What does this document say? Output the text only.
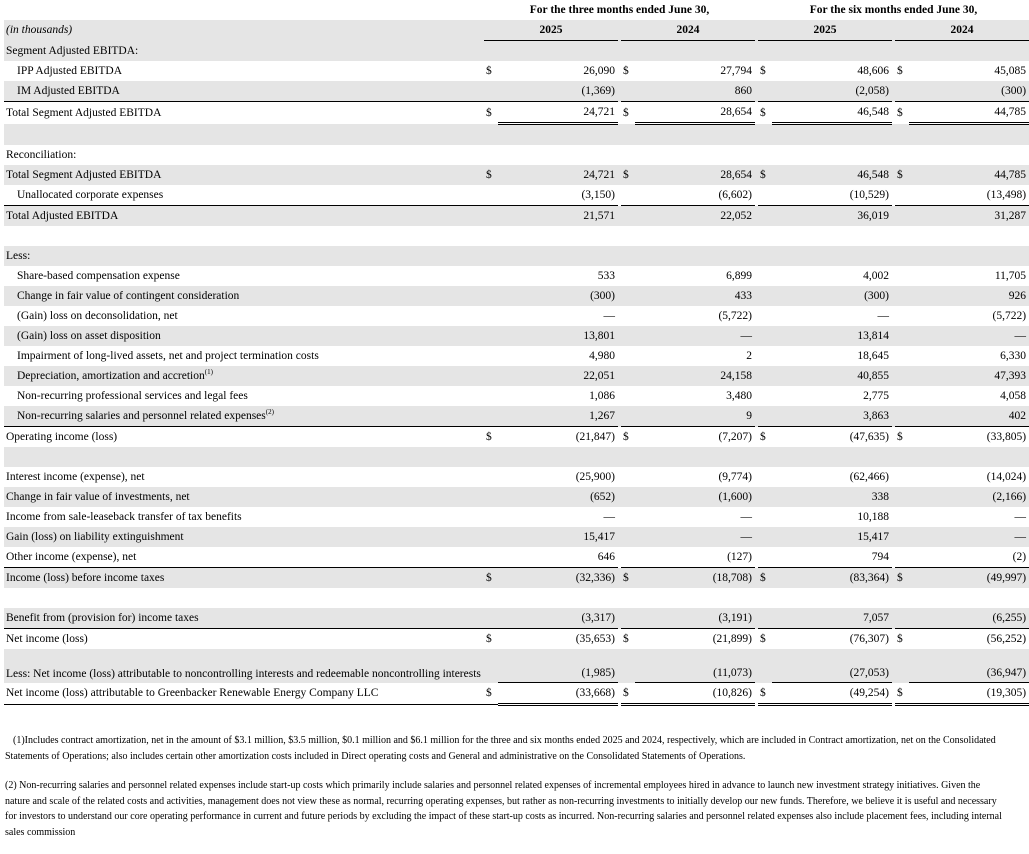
	For the three months ended June 30,						For the six months ended June 30,				
(in thousands)	2025			2024			2025			2024	
Segment Adjusted EBITDA:											
IPP Adjusted EBITDA	$	26,090		$	27,794		$	48,606		$	45,085
IM Adjusted EBITDA		(1,369)			860			(2,058)			(300)
Total Segment Adjusted EBITDA	$	24,721		$	28,654		$	46,548		$	44,785

Reconciliation:											
Total Segment Adjusted EBITDA	$	24,721		$	28,654		$	46,548		$	44,785
Unallocated corporate expenses		(3,150)			(6,602)			(10,529)			(13,498)
Total Adjusted EBITDA		21,571			22,052			36,019			31,287

Less:											
Share-based compensation expense		533			6,899			4,002			11,705
Change in fair value of contingent consideration		(300)			433			(300)			926
(Gain) loss on deconsolidation, net		—			(5,722)			—			(5,722)
(Gain) loss on asset disposition		13,801			—			13,814			—
Impairment of long-lived assets, net and project termination costs		4,980			2			18,645			6,330
Depreciation, amortization and accretion$^{(1)}$		22,051			24,158			40,855			47,393
Non-recurring professional services and legal fees		1,086			3,480			2,775			4,058
Non-recurring salaries and personnel related expenses$^{(2)}$		1,267			9			3,863			402
Operating income (loss)	$	(21,847)		$	(7,207)		$	(47,635)		$	(33,805)

Interest income (expense), net		(25,900)			(9,774)			(62,466)			(14,024)
Change in fair value of investments, net		(652)			(1,600)			338			(2,166)
Income from sale-leaseback transfer of tax benefits		—			—			10,188			—
Gain (loss) on liability extinguishment		15,417			—			15,417			—
Other income (expense), net		646			(127)			794			(2)
Income (loss) before income taxes	$	(32,336)		$	(18,708)		$	(83,364)		$	(49,997)

Benefit from (provision for) income taxes		(3,317)			(3,191)			7,057			(6,255)
Net income (loss)	$	(35,653)		$	(21,899)		$	(76,307)		$	(56,252)
Less: Net income (loss) attributable to noncontrolling interests and redeemable noncontrolling interests		(1,985)			(11,073)			(27,053)			(36,947)
Net income (loss) attributable to Greenbacker Renewable Energy Company LLC	$	(33,668)		$	(10,826)		$	(49,254)		$	(19,305)

(1)Includes contract amortization, net in the amount of $3.1 million, $3.5 million, $0.1 million and $6.1 million for the three and six months ended 2025 and 2024, respectively, which are included in Contract amortization, net on the Consolidated Statements of Operations; also includes certain other amortization costs included in Direct operating costs and General and administrative on the Consolidated Statements of Operations.

(2) Non-recurring salaries and personnel related expenses include start-up costs which primarily include salaries and personnel related expenses of incremental employees hired in advance to launch new investment strategy initiatives. Given the nature and scale of the related costs and activities, management does not view these as normal, recurring operating expenses, but rather as non-recurring investments to initially develop our new funds. Therefore, we believe it is useful and necessary for investors to understand our core operating performance in current and future periods by excluding the impact of these start-up costs as incurred. Non-recurring salaries and personnel related expenses also include placement fees, including internal sales commission
